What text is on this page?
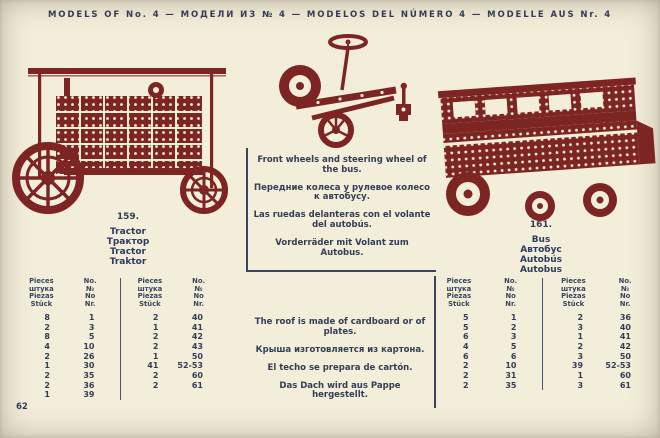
MODELS OF No. 4 — МОДЕЛИ ИЗ № 4 — MODELOS DEL NÚMERO 4 — MODELLE AUS Nr. 4
159.
Tractor
Трактор
Tractor
Traktor
161.
Bus
Автобус
Autobús
Autobus
Front wheels and steering wheel of the bus.
Передние колеса у рулевое колесо к автобусу.
Las ruedas delanteras con el volante del autobús.
Vorderräder mit Volant zum Autobus.
The roof is made of cardboard or of plates.
Крыша изготовляется из картона.
El techo se prepara de cartón.
Das Dach wird aus Pappe hergestellt.
Pieces
штука
Piezas
Stück
No.
№
No
Nr.
8	1
2	3
8	5
4	10
2	26
1	30
2	35
2	36
1	39
Pieces
штука
Piezas
Stück
No.
№
No
Nr.
2	40
1	41
2	42
2	43
1	50
41	52-53
2	60
2	61
Pieces
штука
Piezas
Stück
No.
№
No
Nr.
5	1
5	2
6	3
4	5
6	6
2	10
2	31
2	35
Pieces
штука
Piezas
Stück
No.
№
No
Nr.
2	36
3	40
1	41
2	42
3	50
39	52-53
1	60
3	61
62
